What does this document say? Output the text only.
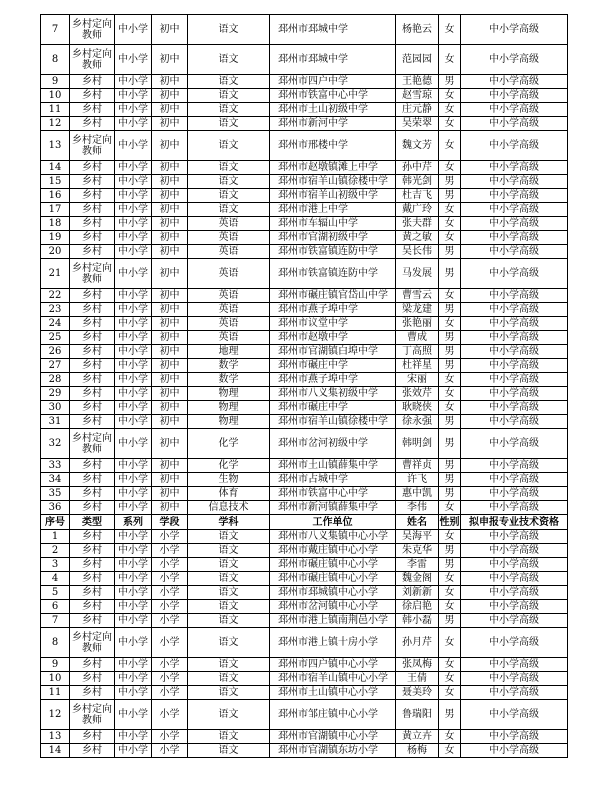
7	乡村定向教师	中小学	初中	语文	邳州市邳城中学	杨艳云	女	中小学高级
8	乡村定向教师	中小学	初中	语文	邳州市邳城中学	范园园	女	中小学高级
9	乡村	中小学	初中	语文	邳州市四户中学	王艳德	男	中小学高级
10	乡村	中小学	初中	语文	邳州市铁富中心中学	赵雪琼	女	中小学高级
11	乡村	中小学	初中	语文	邳州市土山初级中学	庄元静	女	中小学高级
12	乡村	中小学	初中	语文	邳州市新河中学	吴荣翠	女	中小学高级
13	乡村定向教师	中小学	初中	语文	邳州市邢楼中学	魏文芳	女	中小学高级
14	乡村	中小学	初中	语文	邳州市赵墩镇滩上中学	孙中芹	女	中小学高级
15	乡村	中小学	初中	语文	邳州市宿羊山镇徐楼中学	韩光剑	男	中小学高级
16	乡村	中小学	初中	语文	邳州市宿羊山初级中学	杜吉飞	男	中小学高级
17	乡村	中小学	初中	语文	邳州市港上中学	戴广玲	女	中小学高级
18	乡村	中小学	初中	英语	邳州市车辐山中学	张夫群	女	中小学高级
19	乡村	中小学	初中	英语	邳州市官湖初级中学	黄之敏	女	中小学高级
20	乡村	中小学	初中	英语	邳州市铁富镇连防中学	吴长伟	男	中小学高级
21	乡村定向教师	中小学	初中	英语	邳州市铁富镇连防中学	马发展	男	中小学高级
22	乡村	中小学	初中	英语	邳州市碾庄镇官岱山中学	曹雪云	女	中小学高级
23	乡村	中小学	初中	英语	邳州市燕子埠中学	梁龙建	男	中小学高级
24	乡村	中小学	初中	英语	邳州市议堂中学	张艳丽	女	中小学高级
25	乡村	中小学	初中	英语	邳州市赵墩中学	曹成	男	中小学高级
26	乡村	中小学	初中	地理	邳州市官湖镇白埠中学	丁高照	男	中小学高级
27	乡村	中小学	初中	数学	邳州市碾庄中学	杜祥星	男	中小学高级
28	乡村	中小学	初中	数学	邳州市燕子埠中学	宋丽	女	中小学高级
29	乡村	中小学	初中	物理	邳州市八义集初级中学	张效芹	女	中小学高级
30	乡村	中小学	初中	物理	邳州市碾庄中学	耿晓侠	女	中小学高级
31	乡村	中小学	初中	物理	邳州市宿羊山镇徐楼中学	徐永强	男	中小学高级
32	乡村定向教师	中小学	初中	化学	邳州市岔河初级中学	韩明剑	男	中小学高级
33	乡村	中小学	初中	化学	邳州市土山镇薛集中学	曹祥贞	男	中小学高级
34	乡村	中小学	初中	生物	邳州市占城中学	许飞	男	中小学高级
35	乡村	中小学	初中	体育	邳州市铁富中心中学	惠中凯	男	中小学高级
36	乡村	中小学	初中	信息技术	邳州市新河镇薛集中学	李伟	女	中小学高级
序号	类型	系列	学段	学科	工作单位	姓名	性别	拟申报专业技术资格
1	乡村	中小学	小学	语文	邳州市八义集镇中心小学	吴海平	女	中小学高级
2	乡村	中小学	小学	语文	邳州市戴庄镇中心小学	朱克华	男	中小学高级
3	乡村	中小学	小学	语文	邳州市碾庄镇中心小学	李雷	男	中小学高级
4	乡村	中小学	小学	语文	邳州市碾庄镇中心小学	魏金阁	女	中小学高级
5	乡村	中小学	小学	语文	邳州市邳城镇中心小学	刘新新	女	中小学高级
6	乡村	中小学	小学	语文	邳州市岔河镇中心小学	徐启艳	女	中小学高级
7	乡村	中小学	小学	语文	邳州市港上镇南荆邑小学	韩小磊	男	中小学高级
8	乡村定向教师	中小学	小学	语文	邳州市港上镇十房小学	孙月芹	女	中小学高级
9	乡村	中小学	小学	语文	邳州市四户镇中心小学	张凤梅	女	中小学高级
10	乡村	中小学	小学	语文	邳州市宿羊山镇中心小学	王倩	女	中小学高级
11	乡村	中小学	小学	语文	邳州市土山镇中心小学	聂美玲	女	中小学高级
12	乡村定向教师	中小学	小学	语文	邳州市邹庄镇中心小学	鲁瑞阳	男	中小学高级
13	乡村	中小学	小学	语文	邳州市官湖镇中心小学	黄立卉	女	中小学高级
14	乡村	中小学	小学	语文	邳州市官湖镇东坊小学	杨梅	女	中小学高级
